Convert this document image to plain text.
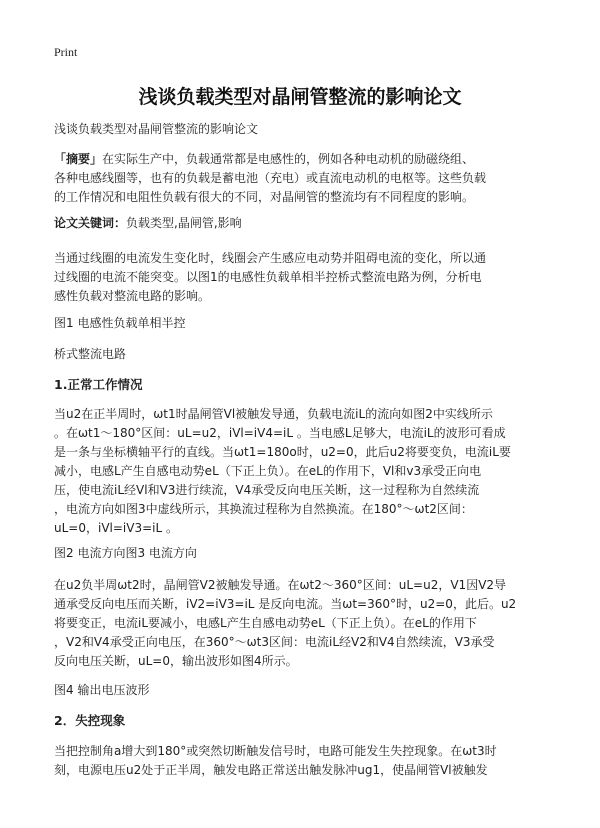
Print
浅谈负载类型对晶闸管整流的影响论文
浅谈负载类型对晶闸管整流的影响论文
「摘要」在实际生产中，负载通常都是电感性的，例如各种电动机的励磁绕组、
各种电感线圈等，也有的负载是蓄电池（充电）或直流电动机的电枢等。这些负载
的工作情况和电阻性负载有很大的不同，对晶闸管的整流均有不同程度的影响。
论文关键词：负载类型,晶闸管,影响
当通过线圈的电流发生变化时，线圈会产生感应电动势并阻碍电流的变化，所以通
过线圈的电流不能突变。以图1的电感性负载单相半控桥式整流电路为例，分析电
感性负载对整流电路的影响。
图1 电感性负载单相半控
桥式整流电路
1.正常工作情况
当u2在正半周时，ωt1时晶闸管Vl被触发导通，负载电流iL的流向如图2中实线所示
。在ωt1～180°区间：uL=u2，iVl=iV4=iL 。当电感L足够大，电流iL的波形可看成
是一条与坐标横轴平行的直线。当ωt1=180o时，u2=0，此后u2将要变负，电流iL要
减小，电感L产生自感电动势eL（下正上负）。在eL的作用下，Vl和v3承受正向电
压，使电流iL经Vl和V3进行续流，V4承受反向电压关断，这一过程称为自然续流
，电流方向如图3中虚线所示，其换流过程称为自然换流。在180°～ωt2区间：
uL=0，iVl=iV3=iL 。
图2 电流方向图3 电流方向
在u2负半周ωt2时，晶闸管V2被触发导通。在ωt2～360°区间：uL=u2，V1因V2导
通承受反向电压而关断，iV2=iV3=iL 是反向电流。当ωt=360°时，u2=0，此后。u2
将要变正，电流iL要减小，电感L产生自感电动势eL（下正上负）。在eL的作用下
，V2和V4承受正向电压，在360°～ωt3区间：电流iL经V2和V4自然续流，V3承受
反向电压关断，uL=0，输出波形如图4所示。
图4 输出电压波形
2．失控现象
当把控制角a增大到180°或突然切断触发信号时，电路可能发生失控现象。在ωt3时
刻，电源电压u2处于正半周，触发电路正常送出触发脉冲ug1，使晶闸管Vl被触发
